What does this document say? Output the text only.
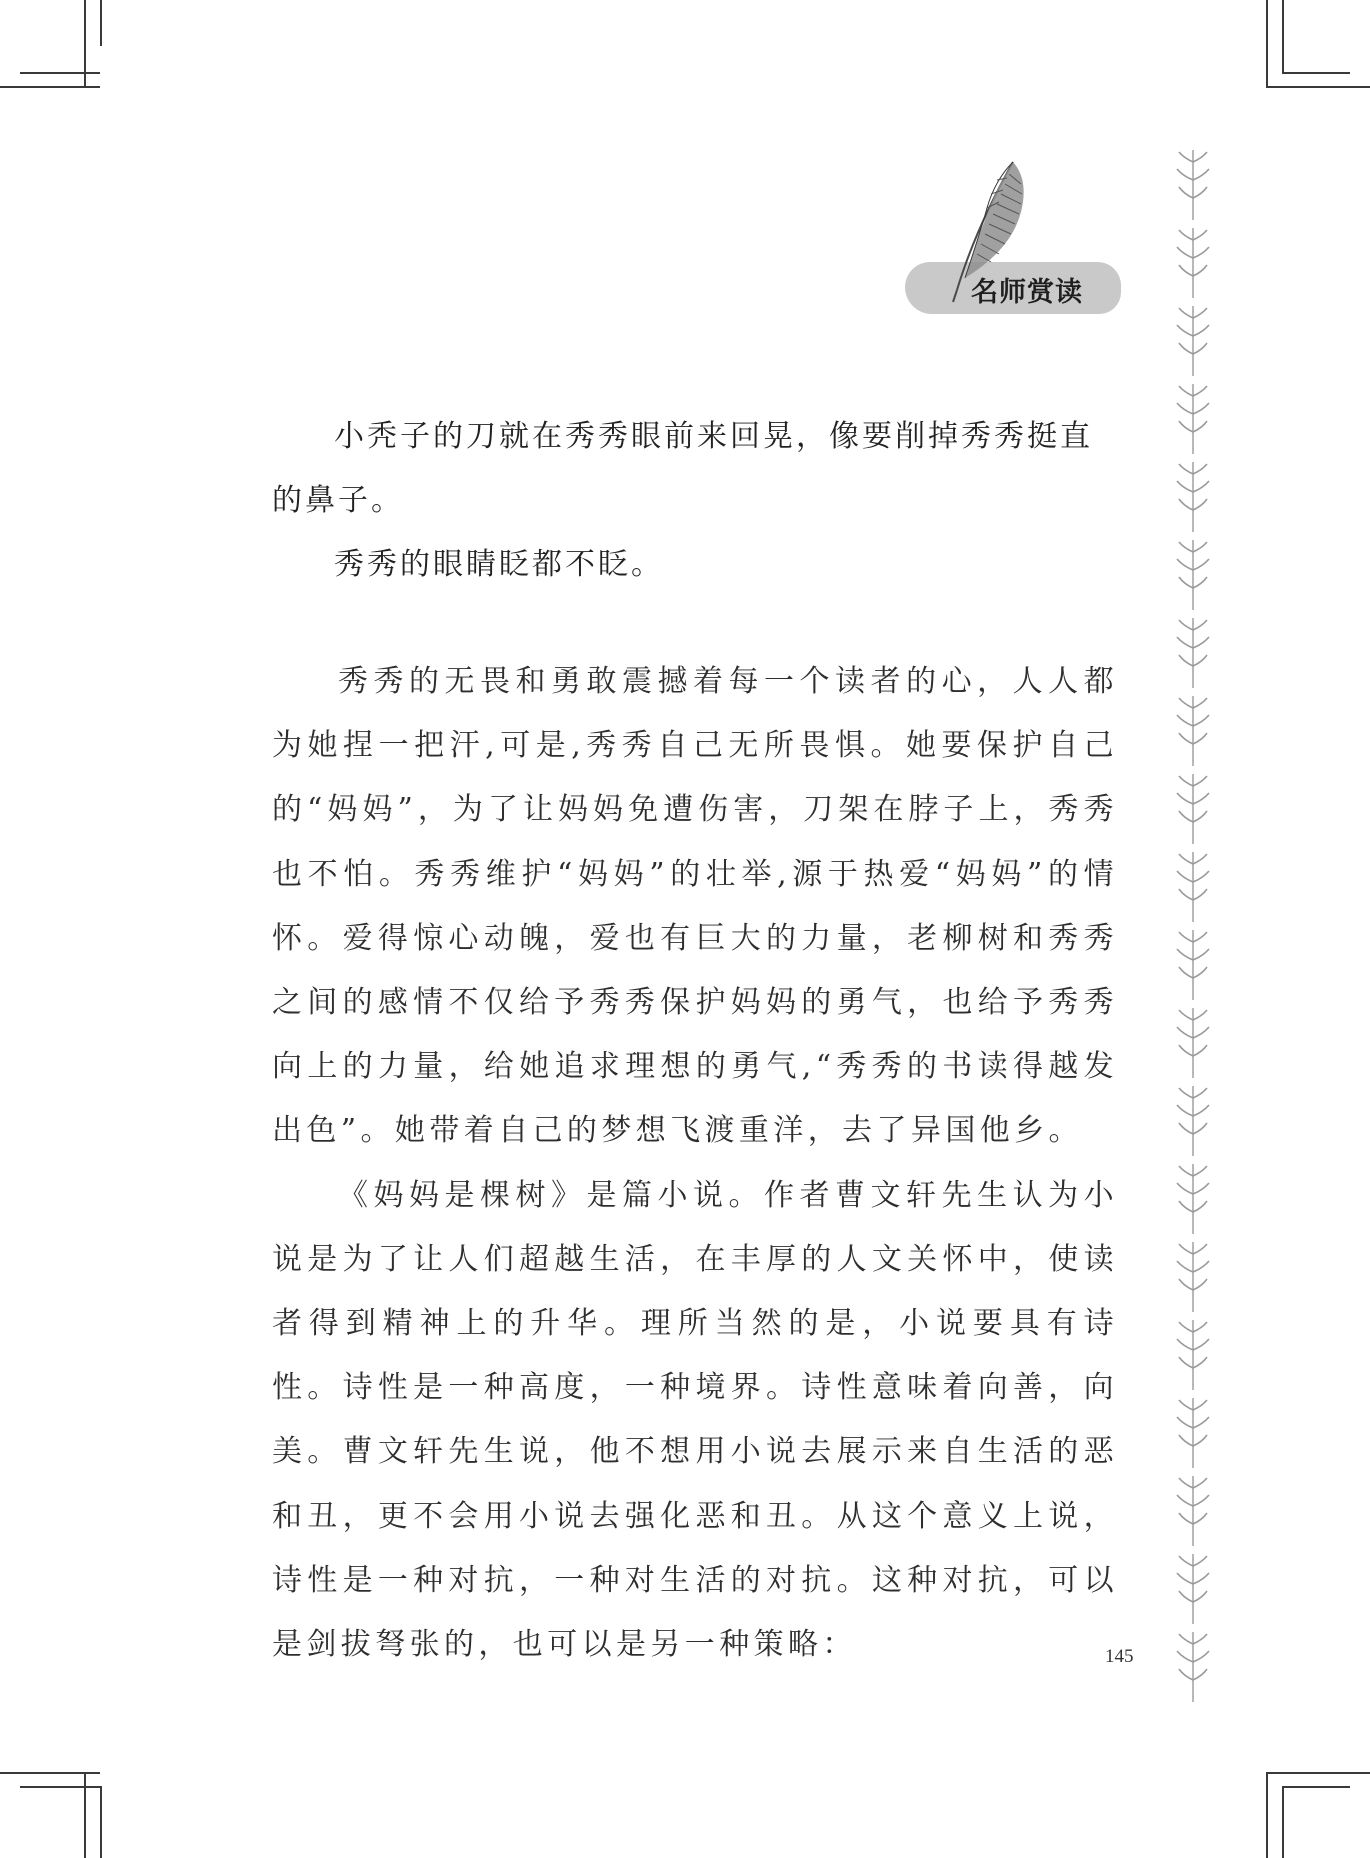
名师赏读

小秃子的刀就在秀秀眼前来回晃，像要削掉秀秀挺直的鼻子。

秀秀的眼睛眨都不眨。

秀秀的无畏和勇敢震撼着每一个读者的心，人人都为她捏一把汗,可是,秀秀自己无所畏惧。她要保护自己的“妈妈”，为了让妈妈免遭伤害，刀架在脖子上，秀秀也不怕。秀秀维护“妈妈”的壮举,源于热爱“妈妈”的情怀。爱得惊心动魄，爱也有巨大的力量，老柳树和秀秀之间的感情不仅给予秀秀保护妈妈的勇气，也给予秀秀向上的力量，给她追求理想的勇气,“秀秀的书读得越发出色”。她带着自己的梦想飞渡重洋，去了异国他乡。

《妈妈是棵树》是篇小说。作者曹文轩先生认为小说是为了让人们超越生活，在丰厚的人文关怀中，使读者得到精神上的升华。理所当然的是，小说要具有诗性。诗性是一种高度，一种境界。诗性意味着向善，向美。曹文轩先生说，他不想用小说去展示来自生活的恶和丑，更不会用小说去强化恶和丑。从这个意义上说，诗性是一种对抗，一种对生活的对抗。这种对抗，可以是剑拔弩张的，也可以是另一种策略：	145
